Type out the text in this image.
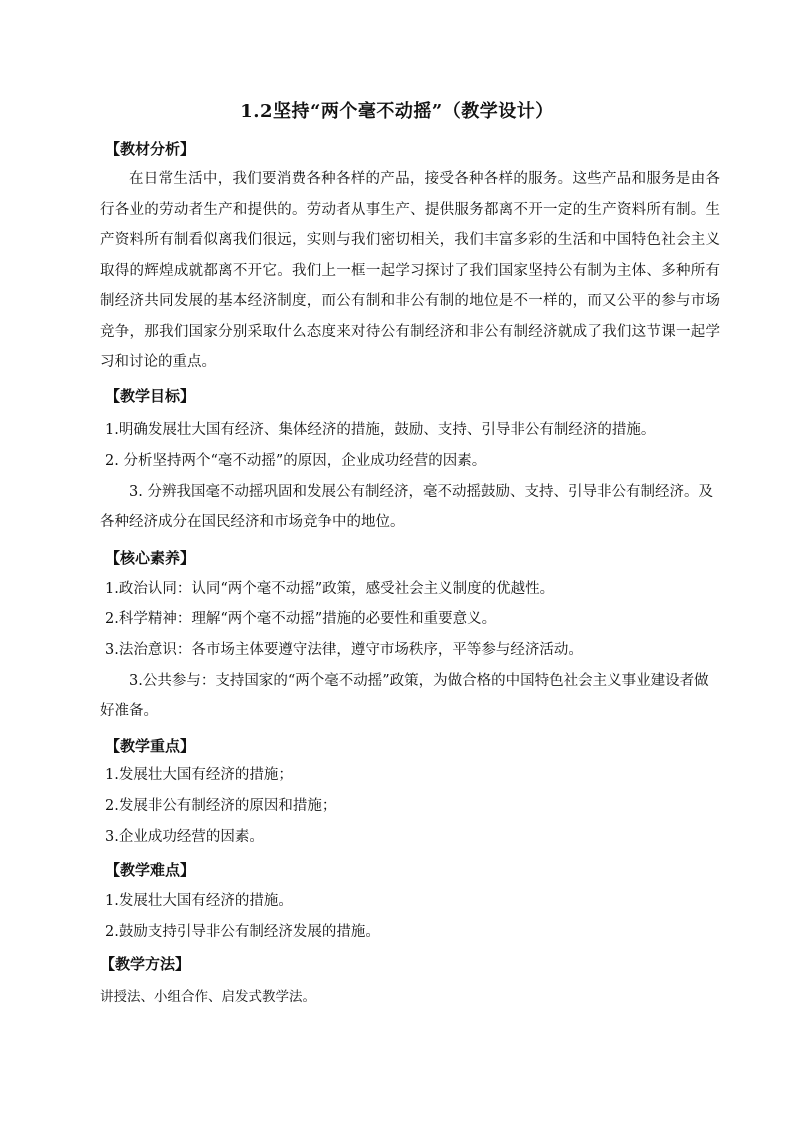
1.2坚持“两个毫不动摇”（教学设计）
【教材分析】

在日常生活中，我们要消费各种各样的产品，接受各种各样的服务。这些产品和服务是由各行各业的劳动者生产和提供的。劳动者从事生产、提供服务都离不开一定的生产资料所有制。生产资料所有制看似离我们很远，实则与我们密切相关，我们丰富多彩的生活和中国特色社会主义取得的辉煌成就都离不开它。我们上一框一起学习探讨了我们国家坚持公有制为主体、多种所有制经济共同发展的基本经济制度，而公有制和非公有制的地位是不一样的，而又公平的参与市场竞争，那我们国家分别采取什么态度来对待公有制经济和非公有制经济就成了我们这节课一起学习和讨论的重点。

【教学目标】
1.明确发展壮大国有经济、集体经济的措施，鼓励、支持、引导非公有制经济的措施。
2. 分析坚持两个“毫不动摇”的原因，企业成功经营的因素。
3. 分辨我国毫不动摇巩固和发展公有制经济，毫不动摇鼓励、支持、引导非公有制经济。及各种经济成分在国民经济和市场竞争中的地位。
【核心素养】
1.政治认同：认同“两个毫不动摇”政策，感受社会主义制度的优越性。
2.科学精神：理解“两个毫不动摇”措施的必要性和重要意义。
3.法治意识：各市场主体要遵守法律，遵守市场秩序，平等参与经济活动。
3.公共参与：支持国家的“两个毫不动摇”政策，为做合格的中国特色社会主义事业建设者做好准备。
【教学重点】
1.发展壮大国有经济的措施；
2.发展非公有制经济的原因和措施；
3.企业成功经营的因素。
【教学难点】
1.发展壮大国有经济的措施。
2.鼓励支持引导非公有制经济发展的措施。
【教学方法】
讲授法、小组合作、启发式教学法。
